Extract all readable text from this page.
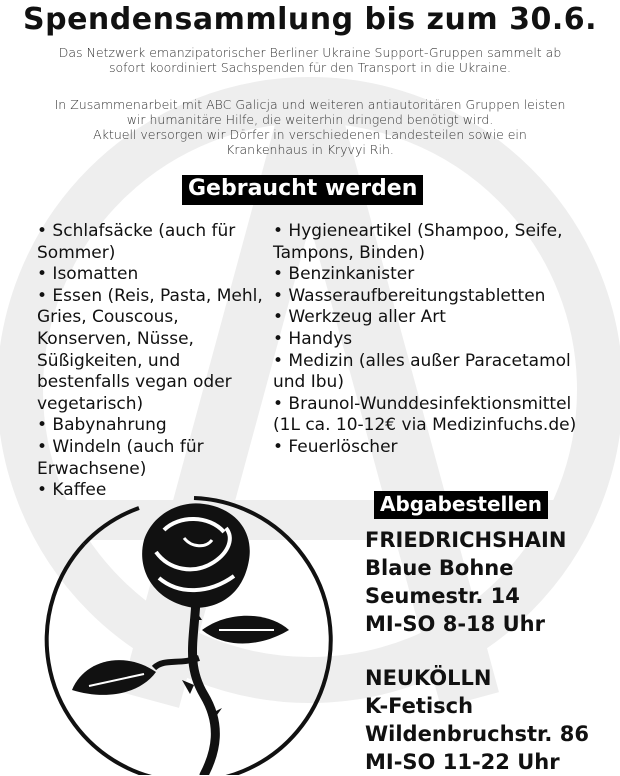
Spendensammlung bis zum 30.6.
Das Netzwerk emanzipatorischer Berliner Ukraine Support-Gruppen sammelt ab
sofort koordiniert Sachspenden für den Transport in die Ukraine.
In Zusammenarbeit mit ABC Galicja und weiteren antiautoritären Gruppen leisten
wir humanitäre Hilfe, die weiterhin dringend benötigt wird.
Aktuell versorgen wir Dörfer in verschiedenen Landesteilen sowie ein
Krankenhaus in Kryvyi Rih.
Gebraucht werden
• Schlafsäcke (auch für
Sommer)
• Isomatten
• Essen (Reis, Pasta, Mehl,
Gries, Couscous,
Konserven, Nüsse,
Süßigkeiten, und
bestenfalls vegan oder
vegetarisch)
• Babynahrung
• Windeln (auch für
Erwachsene)
• Kaffee
• Hygieneartikel (Shampoo, Seife,
Tampons, Binden)
• Benzinkanister
• Wasseraufbereitungstabletten
• Werkzeug aller Art
• Handys
• Medizin (alles außer Paracetamol
und Ibu)
• Braunol-Wunddesinfektionsmittel
(1L ca. 10-12€ via Medizinfuchs.de)
• Feuerlöscher
Abgabestellen
FRIEDRICHSHAIN
Blaue Bohne
Seumestr. 14
MI-SO 8-18 Uhr
NEUKÖLLN
K-Fetisch
Wildenbruchstr. 86
MI-SO 11-22 Uhr
